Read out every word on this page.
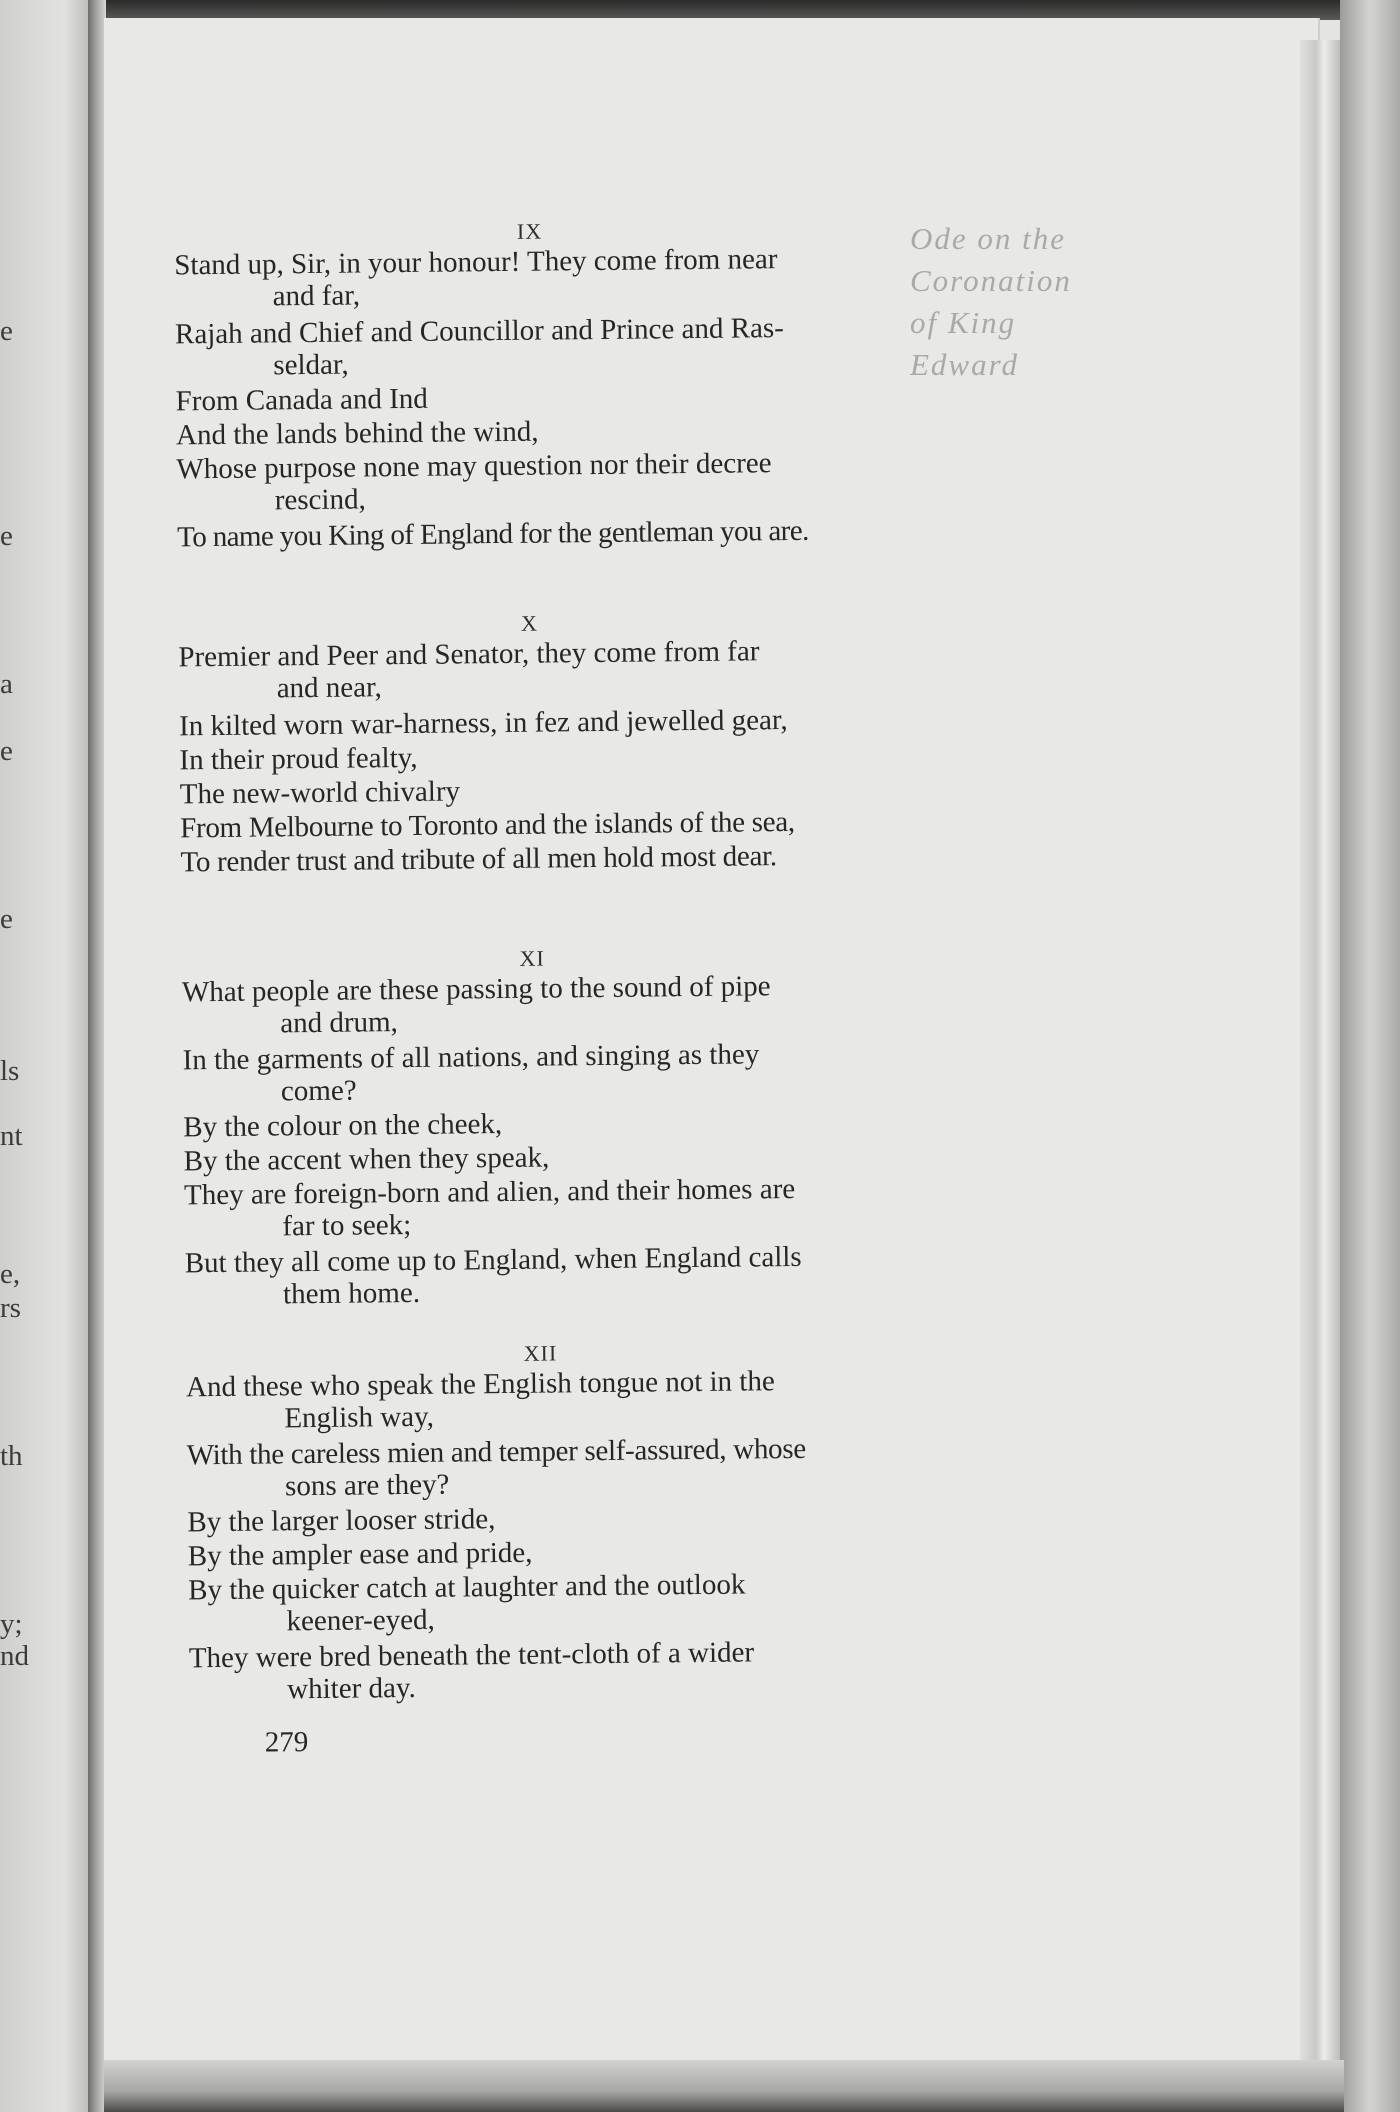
e
e
a
e
e
ls
nt
e,
rs
th
y;
nd
IX
Stand up, Sir, in your honour! They come from near
and far,
Rajah and Chief and Councillor and Prince and Ras-
seldar,
From Canada and Ind
And the lands behind the wind,
Whose purpose none may question nor their decree
rescind,
To name you King of England for the gentleman you are.
X
Premier and Peer and Senator, they come from far
and near,
In kilted worn war-harness, in fez and jewelled gear,
In their proud fealty,
The new-world chivalry
From Melbourne to Toronto and the islands of the sea,
To render trust and tribute of all men hold most dear.
XI
What people are these passing to the sound of pipe
and drum,
In the garments of all nations, and singing as they
come?
By the colour on the cheek,
By the accent when they speak,
They are foreign-born and alien, and their homes are
far to seek;
But they all come up to England, when England calls
them home.
XII
And these who speak the English tongue not in the
English way,
With the careless mien and temper self-assured, whose
sons are they?
By the larger looser stride,
By the ampler ease and pride,
By the quicker catch at laughter and the outlook
keener-eyed,
They were bred beneath the tent-cloth of a wider
whiter day.
279
Ode on the
Coronation
of King
Edward
